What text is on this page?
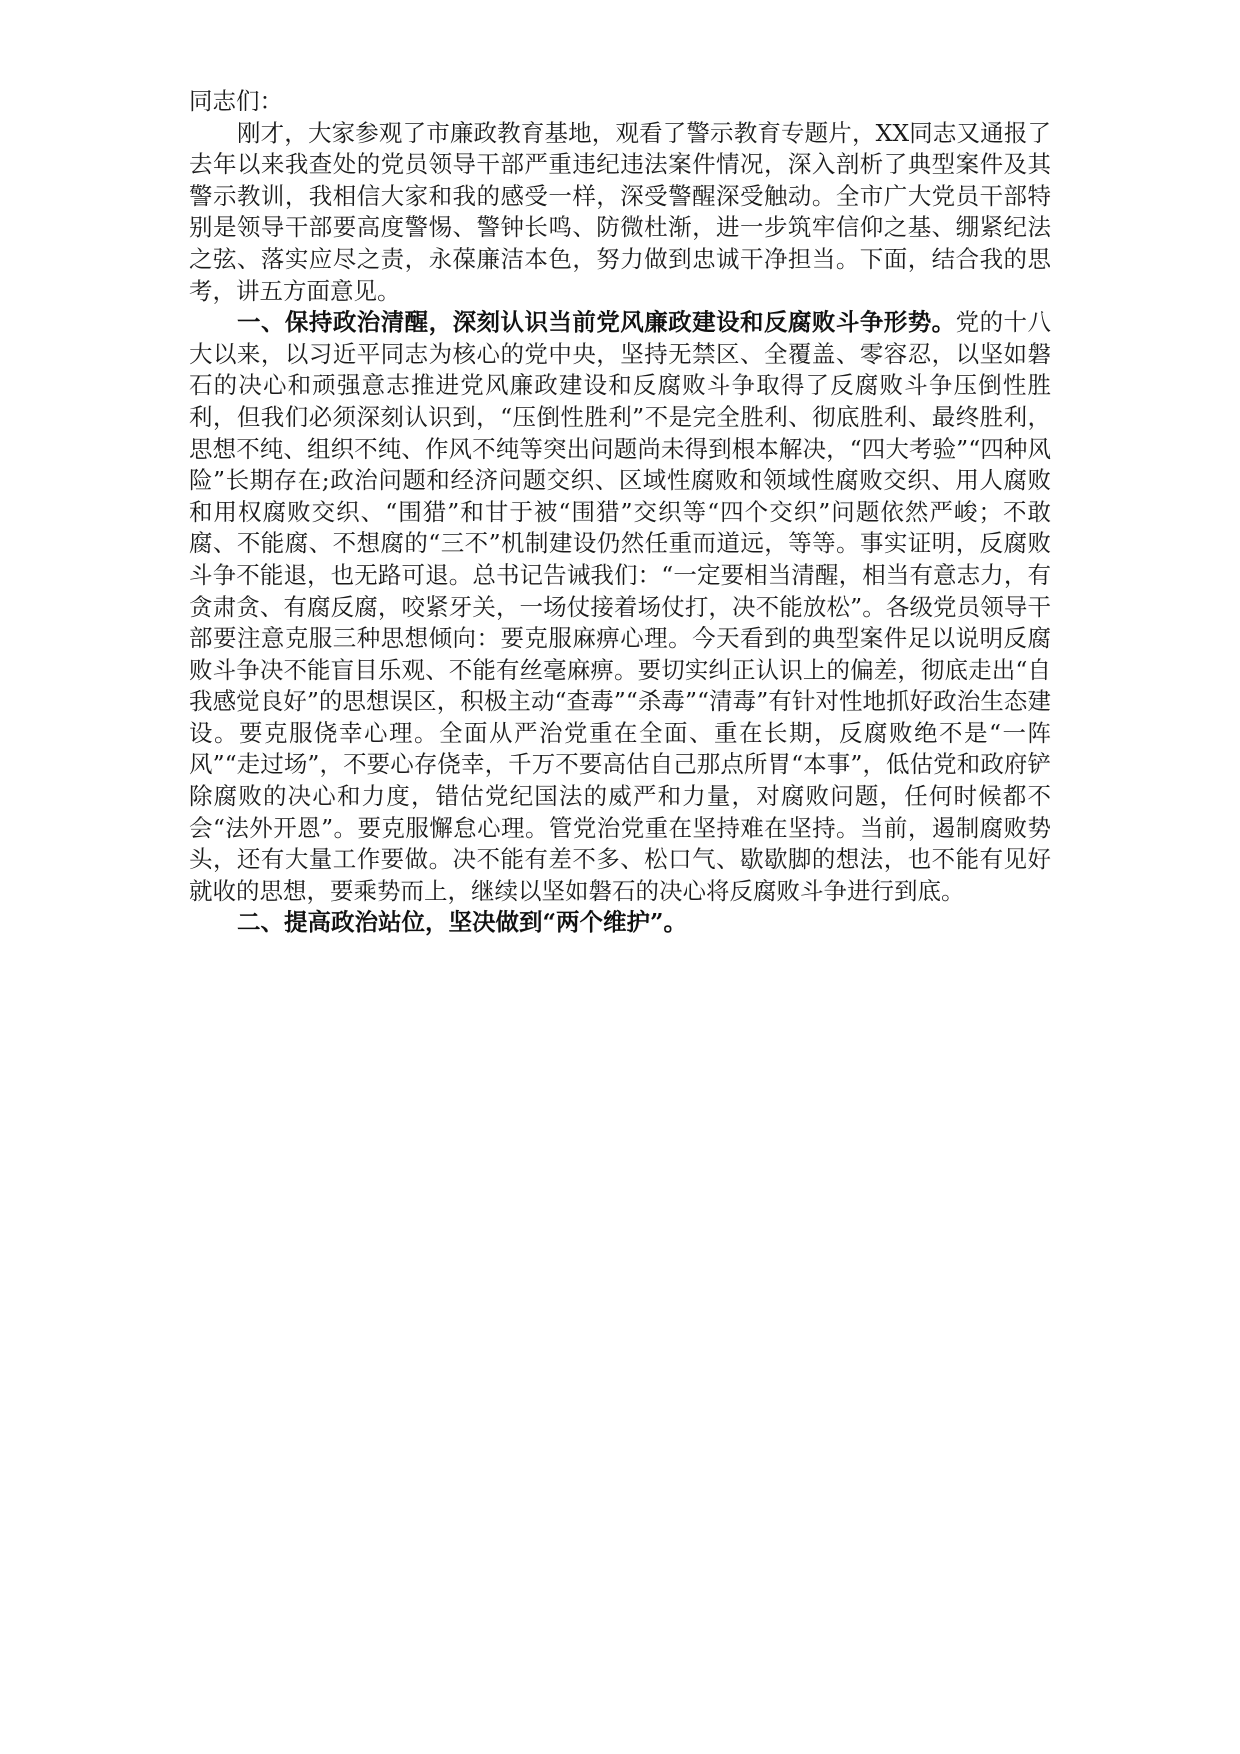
同志们：

刚才，大家参观了市廉政教育基地，观看了警示教育专题片，XX同志又通报了去年以来我查处的党员领导干部严重违纪违法案件情况，深入剖析了典型案件及其警示教训，我相信大家和我的感受一样，深受警醒深受触动。全市广大党员干部特别是领导干部要高度警惕、警钟长鸣、防微杜渐，进一步筑牢信仰之基、绷紧纪法之弦、落实应尽之责，永葆廉洁本色，努力做到忠诚干净担当。下面，结合我的思考，讲五方面意见。

一、保持政治清醒，深刻认识当前党风廉政建设和反腐败斗争形势。党的十八大以来，以习近平同志为核心的党中央，坚持无禁区、全覆盖、零容忍，以坚如磐石的决心和顽强意志推进党风廉政建设和反腐败斗争取得了反腐败斗争压倒性胜利，但我们必须深刻认识到，“压倒性胜利”不是完全胜利、彻底胜利、最终胜利，思想不纯、组织不纯、作风不纯等突出问题尚未得到根本解决，“四大考验”“四种风险”长期存在;政治问题和经济问题交织、区域性腐败和领域性腐败交织、用人腐败和用权腐败交织、“围猎”和甘于被“围猎”交织等“四个交织”问题依然严峻；不敢腐、不能腐、不想腐的“三不”机制建设仍然任重而道远，等等。事实证明，反腐败斗争不能退，也无路可退。总书记告诫我们：“一定要相当清醒，相当有意志力，有贪肃贪、有腐反腐，咬紧牙关，一场仗接着场仗打，决不能放松”。各级党员领导干部要注意克服三种思想倾向：要克服麻痹心理。今天看到的典型案件足以说明反腐败斗争决不能盲目乐观、不能有丝毫麻痹。要切实纠正认识上的偏差，彻底走出“自我感觉良好”的思想误区，积极主动“查毒”“杀毒”“清毒”有针对性地抓好政治生态建设。要克服侥幸心理。全面从严治党重在全面、重在长期，反腐败绝不是“一阵风”“走过场”，不要心存侥幸，千万不要高估自己那点所胃“本事”，低估党和政府铲除腐败的决心和力度，错估党纪国法的威严和力量，对腐败问题，任何时候都不会“法外开恩”。要克服懈怠心理。管党治党重在坚持难在坚持。当前，遏制腐败势头，还有大量工作要做。决不能有差不多、松口气、歇歇脚的想法，也不能有见好就收的思想，要乘势而上，继续以坚如磐石的决心将反腐败斗争进行到底。

二、提高政治站位，坚决做到“两个维护”。
